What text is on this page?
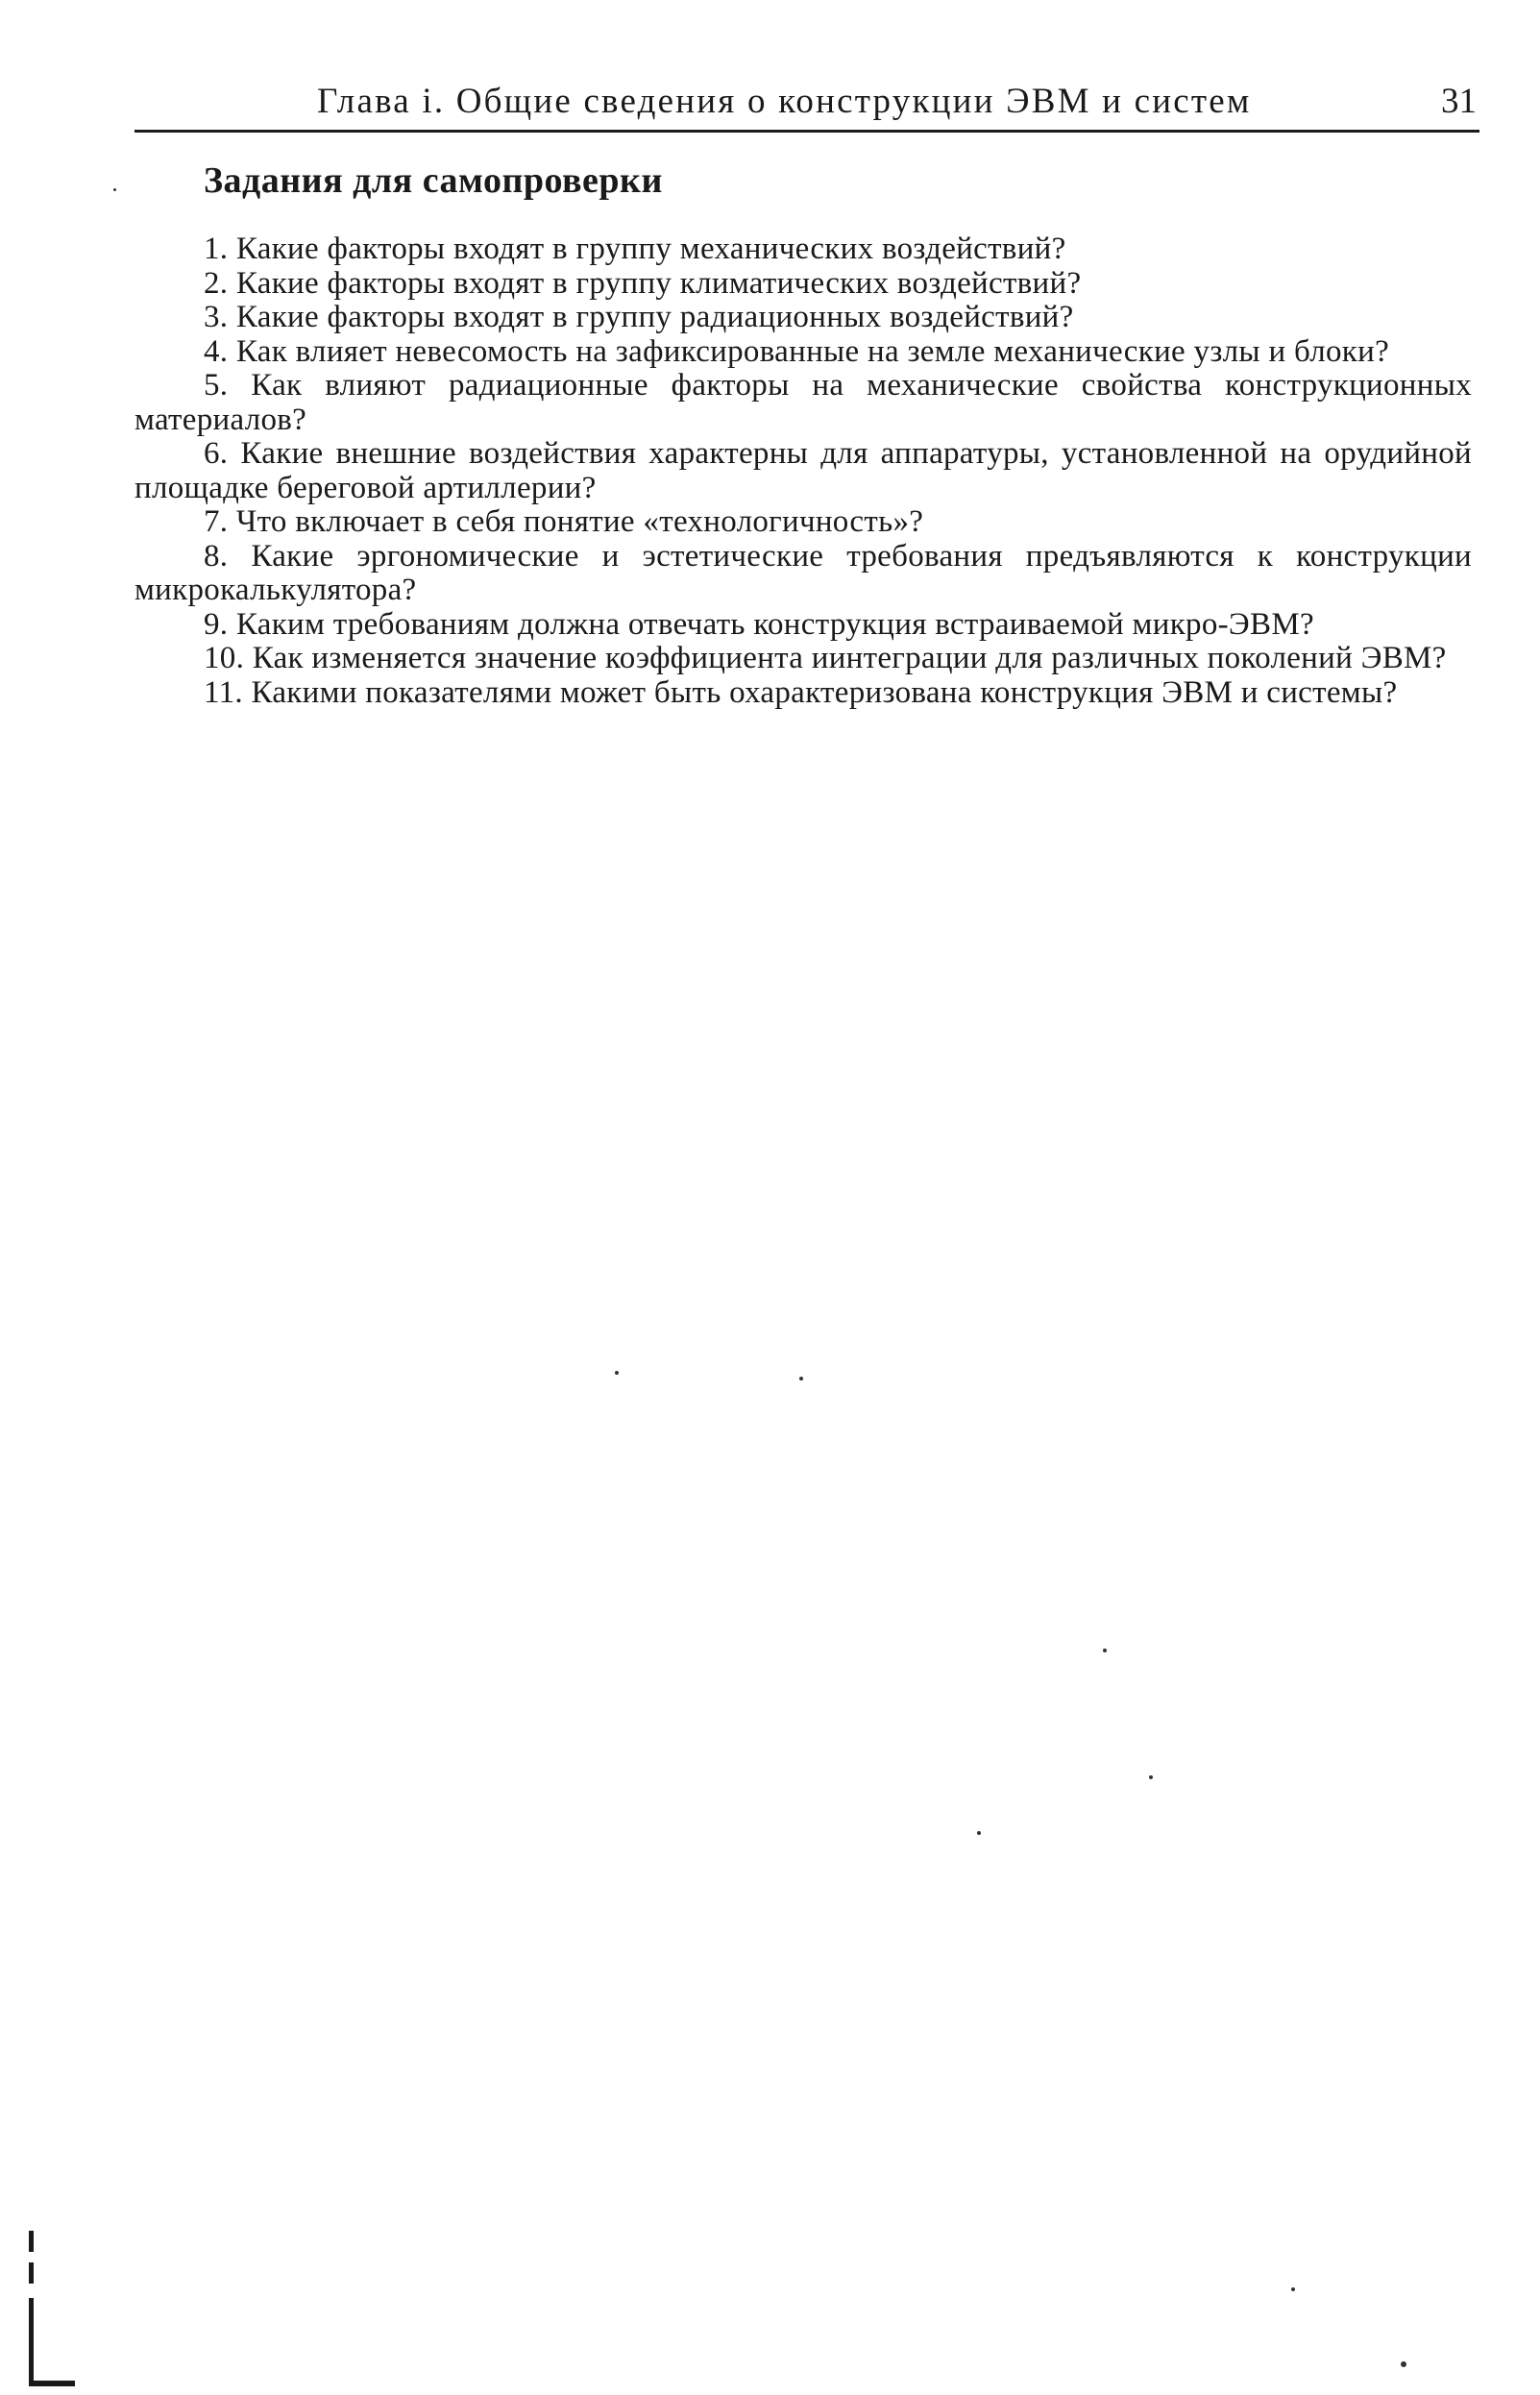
Глава і. Общие сведения о конструкции ЭВМ и систем	31
Задания для самопроверки
1. Какие факторы входят в группу механических воздействий?
2. Какие факторы входят в группу климатических воздействий?
3. Какие факторы входят в группу радиационных воздействий?
4. Как влияет невесомость на зафиксированные на земле механические узлы и блоки?
5. Как влияют радиационные факторы на механические свойства конструкционных материалов?
6. Какие внешние воздействия характерны для аппаратуры, установленной на орудийной площадке береговой артиллерии?
7. Что включает в себя понятие «технологичность»?
8. Какие эргономические и эстетические требования предъявляются к конструкции микрокалькулятора?
9. Каким требованиям должна отвечать конструкция встраиваемой микро-ЭВМ?
10. Как изменяется значение коэффициента иинтеграции для различных поколений ЭВМ?
11. Какими показателями может быть охарактеризована конструкция ЭВМ и системы?
